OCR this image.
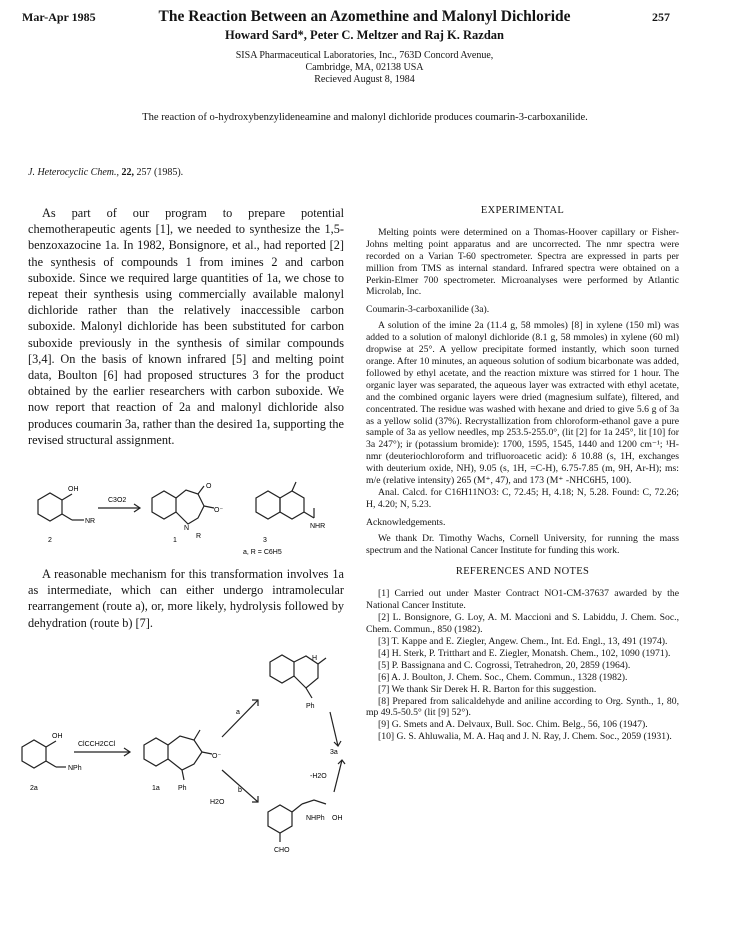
Mar-Apr 1985	The Reaction Between an Azomethine and Malonyl Dichloride	257
Howard Sard*, Peter C. Meltzer and Raj K. Razdan
SISA Pharmaceutical Laboratories, Inc., 763D Concord Avenue,
Cambridge, MA, 02138 USA
Recieved August 8, 1984
The reaction of o-hydroxybenzylideneamine and malonyl dichloride produces coumarin-3-carboxanilide.
J. Heterocyclic Chem., 22, 257 (1985).

As part of our program to prepare potential chemotherapeutic agents [1], we needed to synthesize the 1,5-benzoxazocine 1a. In 1982, Bonsignore, et al., had reported [2] the synthesis of compounds 1 from imines 2 and carbon suboxide. Since we required large quantities of 1a, we chose to repeat their synthesis using commercially available malonyl dichloride rather than the relatively inaccessible carbon suboxide. Malonyl dichloride has been substituted for carbon suboxide previously in the synthesis of similar compounds [3,4]. On the basis of known infrared [5] and melting point data, Boulton [6] had proposed structures 3 for the product obtained by the earlier researchers with carbon suboxide. We now report that reaction of 2a and malonyl dichloride also produces coumarin 3a, rather than the desired 1a, supporting the revised structural assignment.

OH
NR
C3O2
O
O⁻
N
R
NHR
2	1	3
a, R = C6H5

A reasonable mechanism for this transformation involves 1a as intermediate, which can either undergo intramolecular rearrangement (route a), or, more likely, hydrolysis followed by dehydration (route b) [7].

OH
NPh
ClCCH2CCl
O⁻
Ph
H
Ph
a
b
H2O
-H2O
3a
NHPh OH
CHO
2a	1a
EXPERIMENTAL

Melting points were determined on a Thomas-Hoover capillary or Fisher-Johns melting point apparatus and are uncorrected. The nmr spectra were recorded on a Varian T-60 spectrometer. Spectra are expressed in parts per million from TMS as internal standard. Infrared spectra were obtained on a Perkin-Elmer 700 spectrometer. Microanalyses were performed by Atlantic Microlab, Inc.

Coumarin-3-carboxanilide (3a).

A solution of the imine 2a (11.4 g, 58 mmoles) [8] in xylene (150 ml) was added to a solution of malonyl dichloride (8.1 g, 58 mmoles) in xylene (60 ml) dropwise at 25°. A yellow precipitate formed instantly, which soon turned orange. After 10 minutes, an aqueous solution of sodium bicarbonate was added, followed by ethyl acetate, and the reaction mixture was stirred for 1 hour. The organic layer was separated, the aqueous layer was extracted with ethyl acetate, and the combined organic layers were dried (magnesium sulfate), filtered, and concentrated. The residue was washed with hexane and dried to give 5.6 g of 3a as a yellow solid (37%). Recrystallization from chloroform-ethanol gave a pure sample of 3a as yellow needles, mp 253.5-255.0°, (lit [2] for 1a 245°, lit [10] for 3a 247°); ir (potassium bromide): 1700, 1595, 1545, 1440 and 1200 cm⁻¹; ¹H-nmr (deuteriochloroform and trifluoroacetic acid): δ 10.88 (s, 1H, exchanges with deuterium oxide, NH), 9.05 (s, 1H, =C-H), 6.75-7.85 (m, 9H, Ar-H); ms: m/e (relative intensity) 265 (M⁺, 47), and 173 (M⁺ -NHC6H5, 100).

Anal. Calcd. for C16H11NO3: C, 72.45; H, 4.18; N, 5.28. Found: C, 72.26; H, 4.20; N, 5.23.

Acknowledgements.

We thank Dr. Timothy Wachs, Cornell University, for running the mass spectrum and the National Cancer Institute for funding this work.

REFERENCES AND NOTES

[1] Carried out under Master Contract NO1-CM-37637 awarded by the National Cancer Institute.

[2] L. Bonsignore, G. Loy, A. M. Maccioni and S. Labiddu, J. Chem. Soc., Chem. Commun., 850 (1982).

[3] T. Kappe and E. Ziegler, Angew. Chem., Int. Ed. Engl., 13, 491 (1974).

[4] H. Sterk, P. Tritthart and E. Ziegler, Monatsh. Chem., 102, 1090 (1971).

[5] P. Bassignana and C. Cogrossi, Tetrahedron, 20, 2859 (1964).

[6] A. J. Boulton, J. Chem. Soc., Chem. Commun., 1328 (1982).

[7] We thank Sir Derek H. R. Barton for this suggestion.

[8] Prepared from salicaldehyde and aniline according to Org. Synth., 1, 80, mp 49.5-50.5° (lit [9] 52°).

[9] G. Smets and A. Delvaux, Bull. Soc. Chim. Belg., 56, 106 (1947).

[10] G. S. Ahluwalia, M. A. Haq and J. N. Ray, J. Chem. Soc., 2059 (1931).
